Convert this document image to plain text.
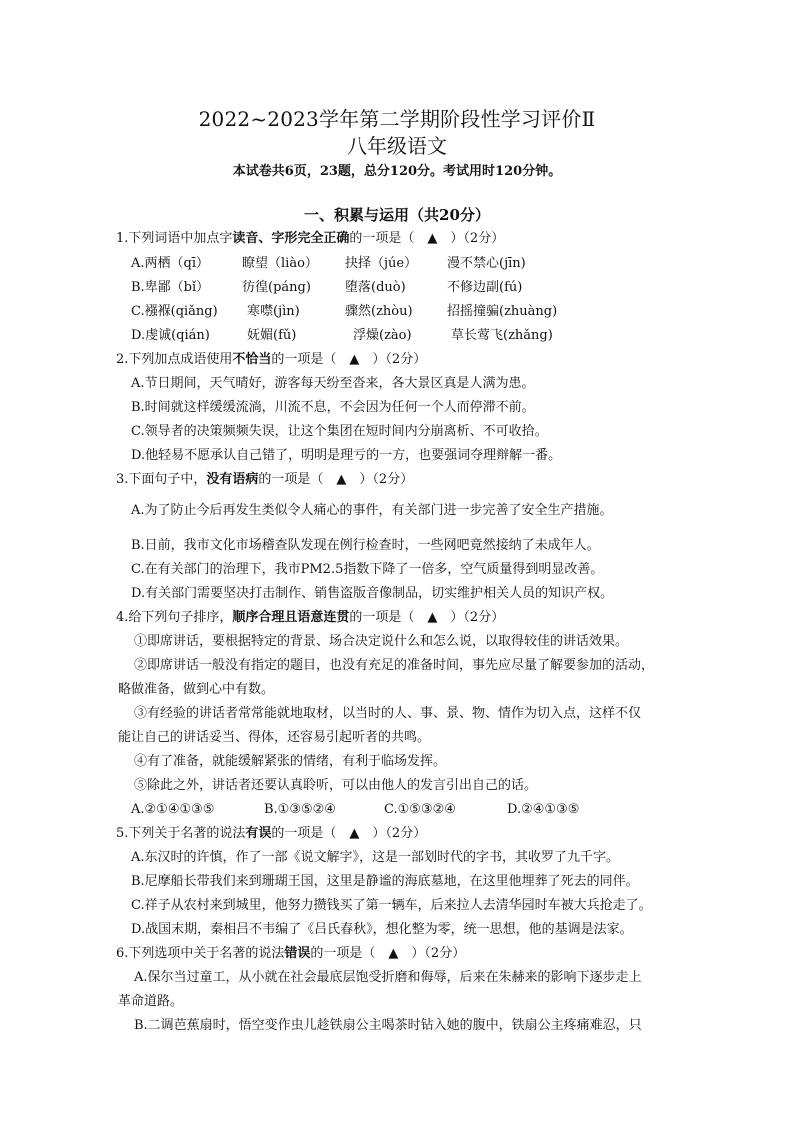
2022~2023学年第二学期阶段性学习评价Ⅱ
八年级语文
本试卷共6页，23题，总分120分。考试用时120分钟。
一、积累与运用（共20分）
1.下列词语中加点字读音、字形完全正确的一项是（　▲　）（2分）
A.两栖（qī）	瞭望（liào） 抉择（júe） 漫不禁心(jīn)
B.卑鄙（bǐ）	彷徨(páng)	堕落(duò)	不修边副(fú)
C.襁褓(qiǎng) 寒噤(jìn)	骤然(zhòu)	招摇撞骗(zhuàng)
D.虔诚(qián)	妩媚(fǔ)	浮燥(zào)	草长莺飞(zhǎng)
2.下列加点成语使用不恰当的一项是（　▲　）（2分）
A.节日期间，天气晴好，游客每天纷至沓来，各大景区真是人满为患。
B.时间就这样缓缓流淌，川流不息，不会因为任何一个人而停滞不前。
C.领导者的决策频频失误，让这个集团在短时间内分崩离析、不可收拾。
D.他轻易不愿承认自己错了，明明是理亏的一方，也要强词夺理辩解一番。
3.下面句子中，没有语病的一项是（　▲　）（2分）
A.为了防止今后再发生类似令人痛心的事件，有关部门进一步完善了安全生产措施。
B.日前，我市文化市场稽查队发现在例行检查时，一些网吧竟然接纳了未成年人。
C.在有关部门的治理下，我市PM2.5指数下降了一倍多，空气质量得到明显改善。
D.有关部门需要坚决打击制作、销售盗版音像制品，切实维护相关人员的知识产权。
4.给下列句子排序，顺序合理且语意连贯的一项是（　▲　）（2分）
①即席讲话，要根据特定的背景、场合决定说什么和怎么说，以取得较佳的讲话效果。
②即席讲话一般没有指定的题目，也没有充足的准备时间，事先应尽量了解要参加的活动，
略做准备，做到心中有数。
③有经验的讲话者常常能就地取材，以当时的人、事、景、物、情作为切入点，这样不仅
能让自己的讲话妥当、得体，还容易引起听者的共鸣。
④有了准备，就能缓解紧张的情绪，有利于临场发挥。
⑤除此之外，讲话者还要认真聆听，可以由他人的发言引出自己的话。
A.②①④①③⑤	B.①③⑤②④	C.①⑤③②④	D.②④①③⑤
5.下列关于名著的说法有误的一项是（　▲　）（2分）
A.东汉时的许慎，作了一部《说文解字》，这是一部划时代的字书，其收罗了九千字。
B.尼摩船长带我们来到珊瑚王国，这里是静谧的海底墓地，在这里他埋葬了死去的同伴。
C.祥子从农村来到城里，他努力攒钱买了第一辆车，后来拉人去清华园时车被大兵抢走了。
D.战国末期，秦相吕不韦编了《吕氏春秋》，想化整为零，统一思想，他的基调是法家。
6.下列选项中关于名著的说法错误的一项是（　▲　）（2分）
A.保尔当过童工，从小就在社会最底层饱受折磨和侮辱，后来在朱赫来的影响下逐步走上
革命道路。
B.二调芭蕉扇时，悟空变作虫儿趁铁扇公主喝茶时钻入她的腹中，铁扇公主疼痛难忍，只
